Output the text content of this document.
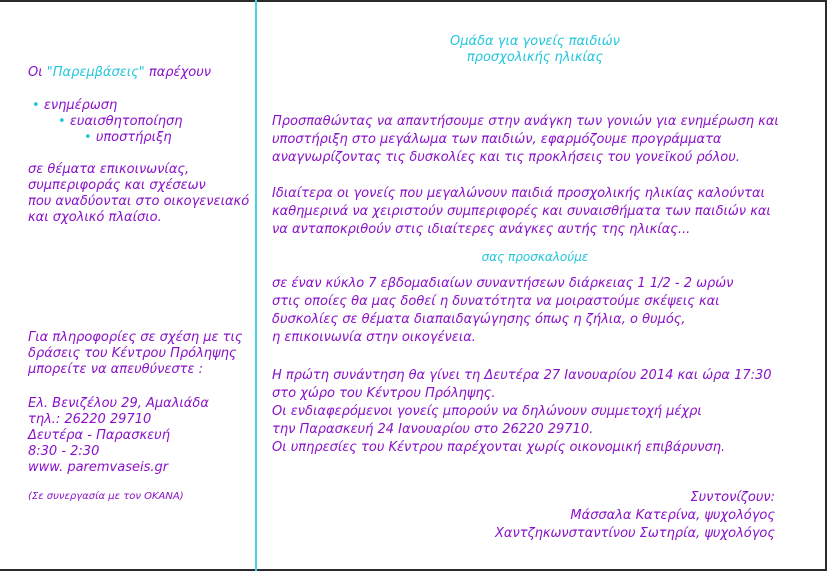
Οι "Παρεμβάσεις" παρέχουν
• ενημέρωση
• ευαισθητοποίηση
• υποστήριξη
σε θέματα επικοινωνίας,
συμπεριφοράς και σχέσεων
που αναδύονται στο οικογενειακό
και σχολικό πλαίσιο.
Για πληροφορίες σε σχέση με τις
δράσεις του Κέντρου Πρόληψης
μπορείτε να απευθύνεστε :
Ελ. Βενιζέλου 29, Αμαλιάδα
τηλ.: 26220 29710
Δευτέρα - Παρασκευή
8:30 - 2:30
www. paremvaseis.gr
(Σε συνεργασία με τον ΟΚΑΝΑ)
Ομάδα για γονείς παιδιών
προσχολικής ηλικίας
Προσπαθώντας να απαντήσουμε στην ανάγκη των γονιών για ενημέρωση και
υποστήριξη στο μεγάλωμα των παιδιών, εφαρμόζουμε προγράμματα
αναγνωρίζοντας τις δυσκολίες και τις προκλήσεις του γονεϊκού ρόλου.
Ιδιαίτερα οι γονείς που μεγαλώνουν παιδιά προσχολικής ηλικίας καλούνται
καθημερινά να χειριστούν συμπεριφορές και συναισθήματα των παιδιών και
να ανταποκριθούν στις ιδιαίτερες ανάγκες αυτής της ηλικίας...
σας προσκαλούμε
σε έναν κύκλο 7 εβδομαδιαίων συναντήσεων διάρκειας 1 1/2 - 2 ωρών
στις οποίες θα μας δοθεί η δυνατότητα να μοιραστούμε σκέψεις και
δυσκολίες σε θέματα διαπαιδαγώγησης όπως η ζήλια, ο θυμός,
η επικοινωνία στην οικογένεια.
Η πρώτη συνάντηση θα γίνει τη Δευτέρα 27 Ιανουαρίου 2014 και ώρα 17:30
στο χώρο του Κέντρου Πρόληψης.
Οι ενδιαφερόμενοι γονείς μπορούν να δηλώνουν συμμετοχή μέχρι
την Παρασκευή 24 Ιανουαρίου στο 26220 29710.
Οι υπηρεσίες του Κέντρου παρέχονται χωρίς οικονομική επιβάρυνση.
Συντονίζουν:
Μάσσαλα Κατερίνα, ψυχολόγος
Χαντζηκωνσταντίνου Σωτηρία, ψυχολόγος
